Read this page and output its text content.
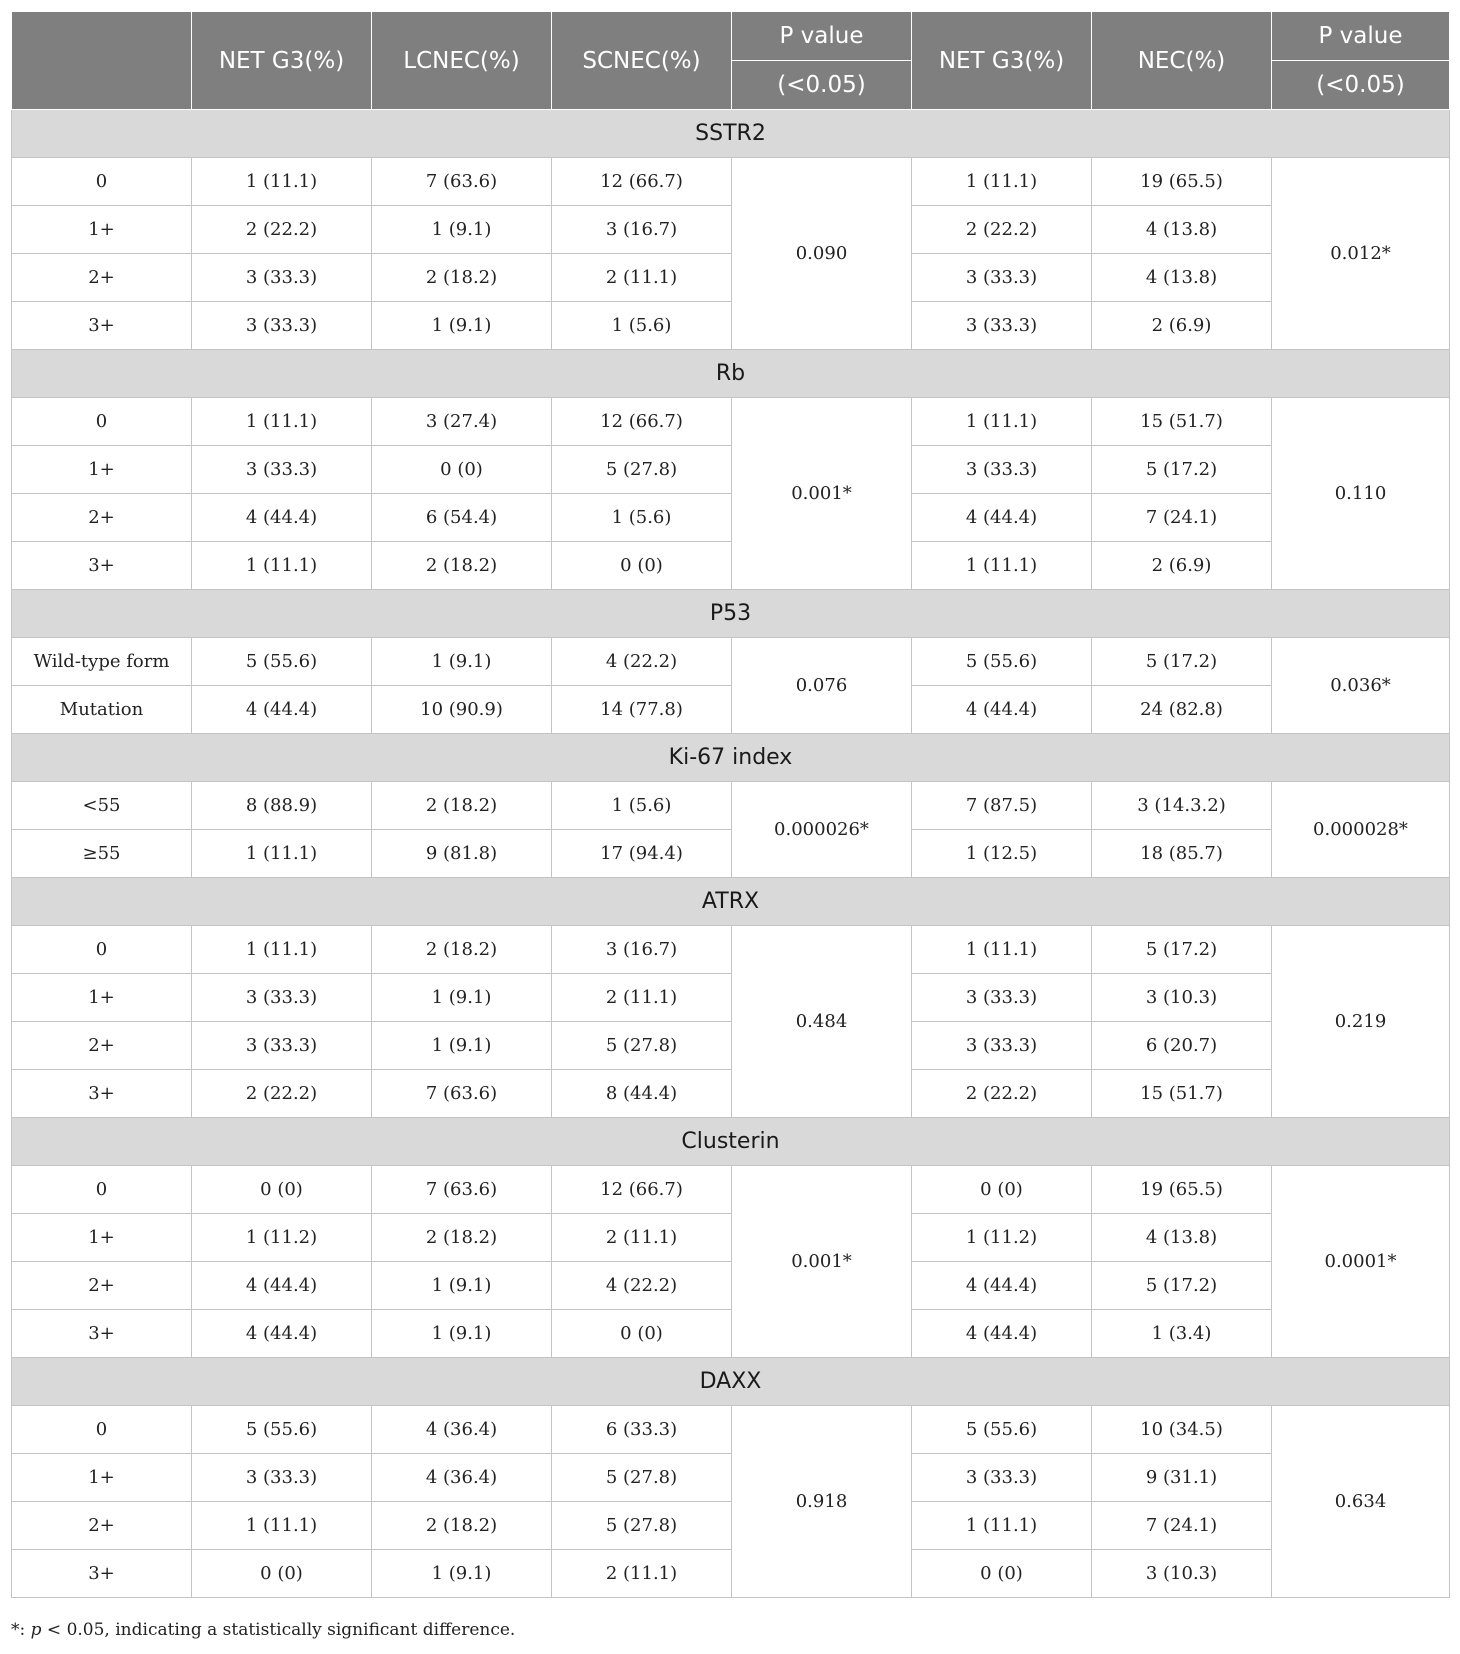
	NET G3(%)	LCNEC(%)	SCNEC(%)	P value	NET G3(%)	NEC(%)	P value
				(<0.05)			(<0.05)
SSTR2							
0	1 (11.1)	7 (63.6)	12 (66.7)	0.090	1 (11.1)	19 (65.5)	0.012*
1+	2 (22.2)	1 (9.1)	3 (16.7)		2 (22.2)	4 (13.8)	
2+	3 (33.3)	2 (18.2)	2 (11.1)		3 (33.3)	4 (13.8)	
3+	3 (33.3)	1 (9.1)	1 (5.6)		3 (33.3)	2 (6.9)	
Rb							
0	1 (11.1)	3 (27.4)	12 (66.7)	0.001*	1 (11.1)	15 (51.7)	0.110
1+	3 (33.3)	0 (0)	5 (27.8)		3 (33.3)	5 (17.2)	
2+	4 (44.4)	6 (54.4)	1 (5.6)		4 (44.4)	7 (24.1)	
3+	1 (11.1)	2 (18.2)	0 (0)		1 (11.1)	2 (6.9)	
P53							
Wild-type form	5 (55.6)	1 (9.1)	4 (22.2)	0.076	5 (55.6)	5 (17.2)	0.036*
Mutation	4 (44.4)	10 (90.9)	14 (77.8)		4 (44.4)	24 (82.8)	
Ki-67 index							
<55	8 (88.9)	2 (18.2)	1 (5.6)	0.000026*	7 (87.5)	3 (14.3.2)	0.000028*
≥55	1 (11.1)	9 (81.8)	17 (94.4)		1 (12.5)	18 (85.7)	
ATRX							
0	1 (11.1)	2 (18.2)	3 (16.7)	0.484	1 (11.1)	5 (17.2)	0.219
1+	3 (33.3)	1 (9.1)	2 (11.1)		3 (33.3)	3 (10.3)	
2+	3 (33.3)	1 (9.1)	5 (27.8)		3 (33.3)	6 (20.7)	
3+	2 (22.2)	7 (63.6)	8 (44.4)		2 (22.2)	15 (51.7)	
Clusterin							
0	0 (0)	7 (63.6)	12 (66.7)	0.001*	0 (0)	19 (65.5)	0.0001*
1+	1 (11.2)	2 (18.2)	2 (11.1)		1 (11.2)	4 (13.8)	
2+	4 (44.4)	1 (9.1)	4 (22.2)		4 (44.4)	5 (17.2)	
3+	4 (44.4)	1 (9.1)	0 (0)		4 (44.4)	1 (3.4)	
DAXX							
0	5 (55.6)	4 (36.4)	6 (33.3)	0.918	5 (55.6)	10 (34.5)	0.634
1+	3 (33.3)	4 (36.4)	5 (27.8)		3 (33.3)	9 (31.1)	
2+	1 (11.1)	2 (18.2)	5 (27.8)		1 (11.1)	7 (24.1)	
3+	0 (0)	1 (9.1)	2 (11.1)		0 (0)	3 (10.3)	
*: p < 0.05, indicating a statistically significant difference.
